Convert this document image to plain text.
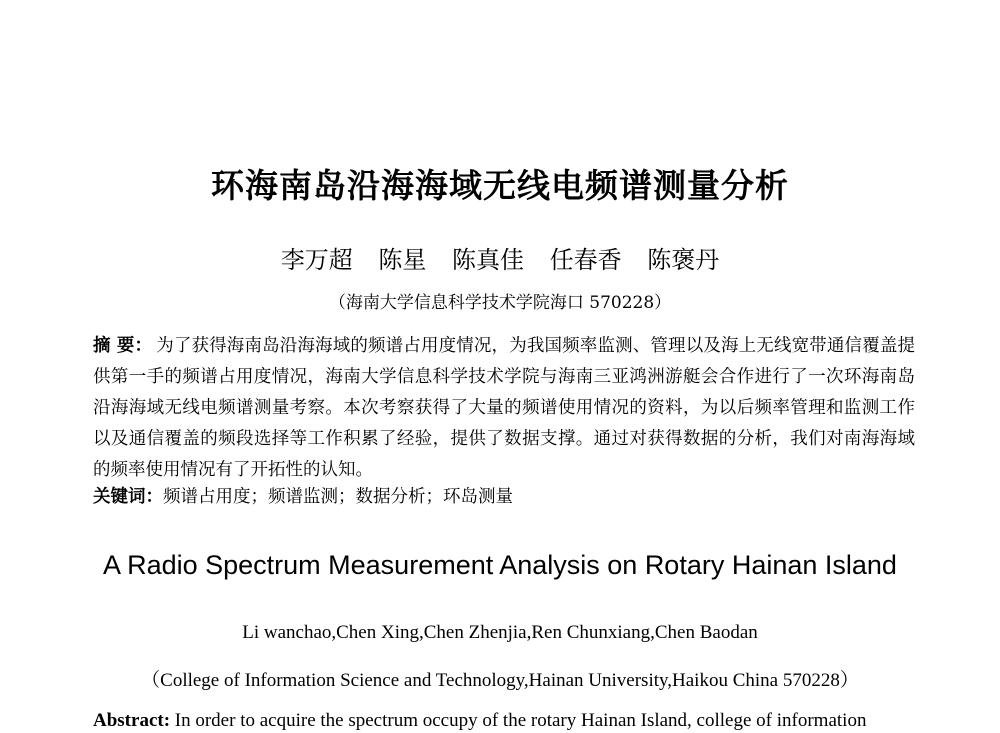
环海南岛沿海海域无线电频谱测量分析
李万超 陈星 陈真佳 任春香 陈褒丹
（海南大学信息科学技术学院海口 570228）
摘 要： 为了获得海南岛沿海海域的频谱占用度情况，为我国频率监测、管理以及海上无线宽带通信覆盖提供第一手的频谱占用度情况，海南大学信息科学技术学院与海南三亚鸿洲游艇会合作进行了一次环海南岛沿海海域无线电频谱测量考察。本次考察获得了大量的频谱使用情况的资料，为以后频率管理和监测工作以及通信覆盖的频段选择等工作积累了经验，提供了数据支撑。通过对获得数据的分析，我们对南海海域的频率使用情况有了开拓性的认知。
关键词：频谱占用度；频谱监测；数据分析；环岛测量
A Radio Spectrum Measurement Analysis on Rotary Hainan Island
Li wanchao,Chen Xing,Chen Zhenjia,Ren Chunxiang,Chen Baodan
（College of Information Science and Technology,Hainan University,Haikou China 570228）
Abstract: In order to acquire the spectrum occupy of the rotary Hainan Island, college of information
